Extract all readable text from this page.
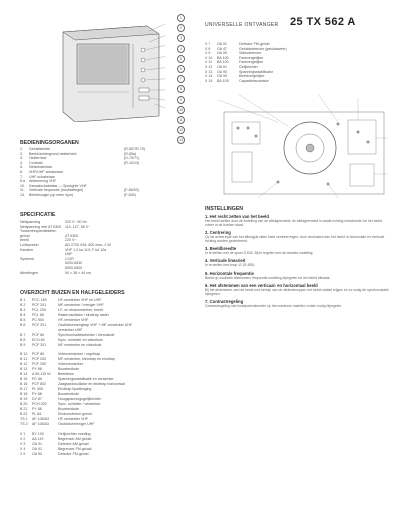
UNIVERSELLE ONTVANGER 25 TX 562 A
1
2
3
4
5
6
7
8
9
10
11
12
13
BEDIENINGSORGANEN
1. Geluidsterkte	(R-857/R-75)
2. Beeld/achtergrond-helderheid	(R-85a)
3. Helderheid	(D-70/71)
4. Contrast	(R-101/3)
5. Netschakelaar
6. VHF/UHF schakelaar
7. UHF schakelaar
6.a Afstemming VHF
10. Kanaalschakelaar — Spoeghfe VHF
11. Verticale frequentie (hoofdafregel)	(F-85/93)
13. Beeldhoogte (op seter rijze)	(F-830)
SPECIFICATIE
Netspanning	220 V~ 50 Hz
Netspanning met AT 6300 110, 127, 55 V~
Tussenfrequentieketen
geluid	AT 6300
beeld	220 V~
Luidspreker	AD 2725 X/M, 800 ohm, 2 W
Kanalen	VHF 1,2 tot 11/1 F tot 12a
UHF
Systeem	CCIR
6200-6530
6000-6500
Afmetingen	54 × 38 × 44 cm
OVERZICHT BUIZEN EN HALFGELEIDERS
B 1 PCC 189	HF-versterker VHF en UHF
B 2 PCF 201	MF-versterker / menger VHF
B 3 PCL 200	LF- en eindversterker, beeld
B 4 PCL 85	Rasteroscillator / eindtrap raster
B 5 PC 900	HF-versterker VHF
B 6 PCF 201	Oscillator/mengtrap VHF + MF-versterker UHF
versterker UHF
B 7 PCF 80	Synchronisatiescheider / klemdiode
B 8 ECH 84	Sync. scheider en videobuis
B 9 PCF 201	MF versterker en videobuis
B 10 PCF 80	Videoversterker / regeltrap
B 11 PCF 200	MF-versterker, klemtrap en eindtrap
B 12 PCF 200	Videoversterker
B 13 PY 88	Boosterdiode
B 14 A 50-115 W Beeldbuis
B 15 PC 86	Spanningsstabilisatie en versterker
B 16 PCF 802	Zaagtandoscillator en eindtrap horizontaal
B 17 PL 500	Eindtrap lijnafbuiging
B 18 PY 88	Boosterdiode
B 19 DY 87	Hoogspanningsgelijkrichter
B 20 PCH 200	Sync. scheider / versterker
B 21 PY 88	Boosterdiode
B 22 PL 84	Eindversterker geluid
TS 1 AF 106/A3	HF-versterker VHF
TS 2 AF 106/A3	Oscillator/menger UHF
X 1 BY 100	Gelijkrichter voeding
X 2 AA 119	Begrenzer AM geluid
X 3 OA 91	Detector AM-geluid
X 4 OA 91	Begrenzer FM-geluid
X 5 OA 90	Detector FM-geluid
X 7 OA 91	Detector FM-geluid
X 8 OA 47	Geluidsdetector (geluidsweer)
X 9 OA 90	Videodetector
X 10 BA 100	Fasevergelijker
X 11 BA 100	Fasevergelijker
X 12 OA 91	Gelijkrichter
X 13 OA 90	Spanningsstabilisator
X 14 OA 95	Beeldvergelijker
X 15 BA 105	Capaciteitsvariator
INSTELLINGEN
1. Het recht zetten van het beeld

Het beeld stellen door de instelling van de afbuigeenheid; de afbuigeenheid in axiale richting verschuiven tot het beeld zuiver in de hoeken staat.

2. Centrering

Op de achterzijde van het afbuigjuk zitten twee centreerringen; door verdraaien kan het beeld in horizontale en verticale richting worden gecentreerd.

3. Beeldbreedte

In te stellen met de spoel S-630. Bij te regelen met de breedte-instelling.

4. Verticale linearieit

In te stellen met knop 12 (R-830).

5. Horizontale frequentie

Beeld op oscillator afstemmen; frequentie-instelling bijregelen tot het beeld stilstaat.

6. Het afstemmen van een verticaal- en horizontaal beeld

Bij het afstemmen van het beeld met behulp van de afstemknoppen het beeld stabiel krijgen en zo nodig de synchronisatie bijregelen.

7. Contrastregeling

Contrastregeling met instelpotentiometer op het maximum instellen; indien nodig bijregelen.
